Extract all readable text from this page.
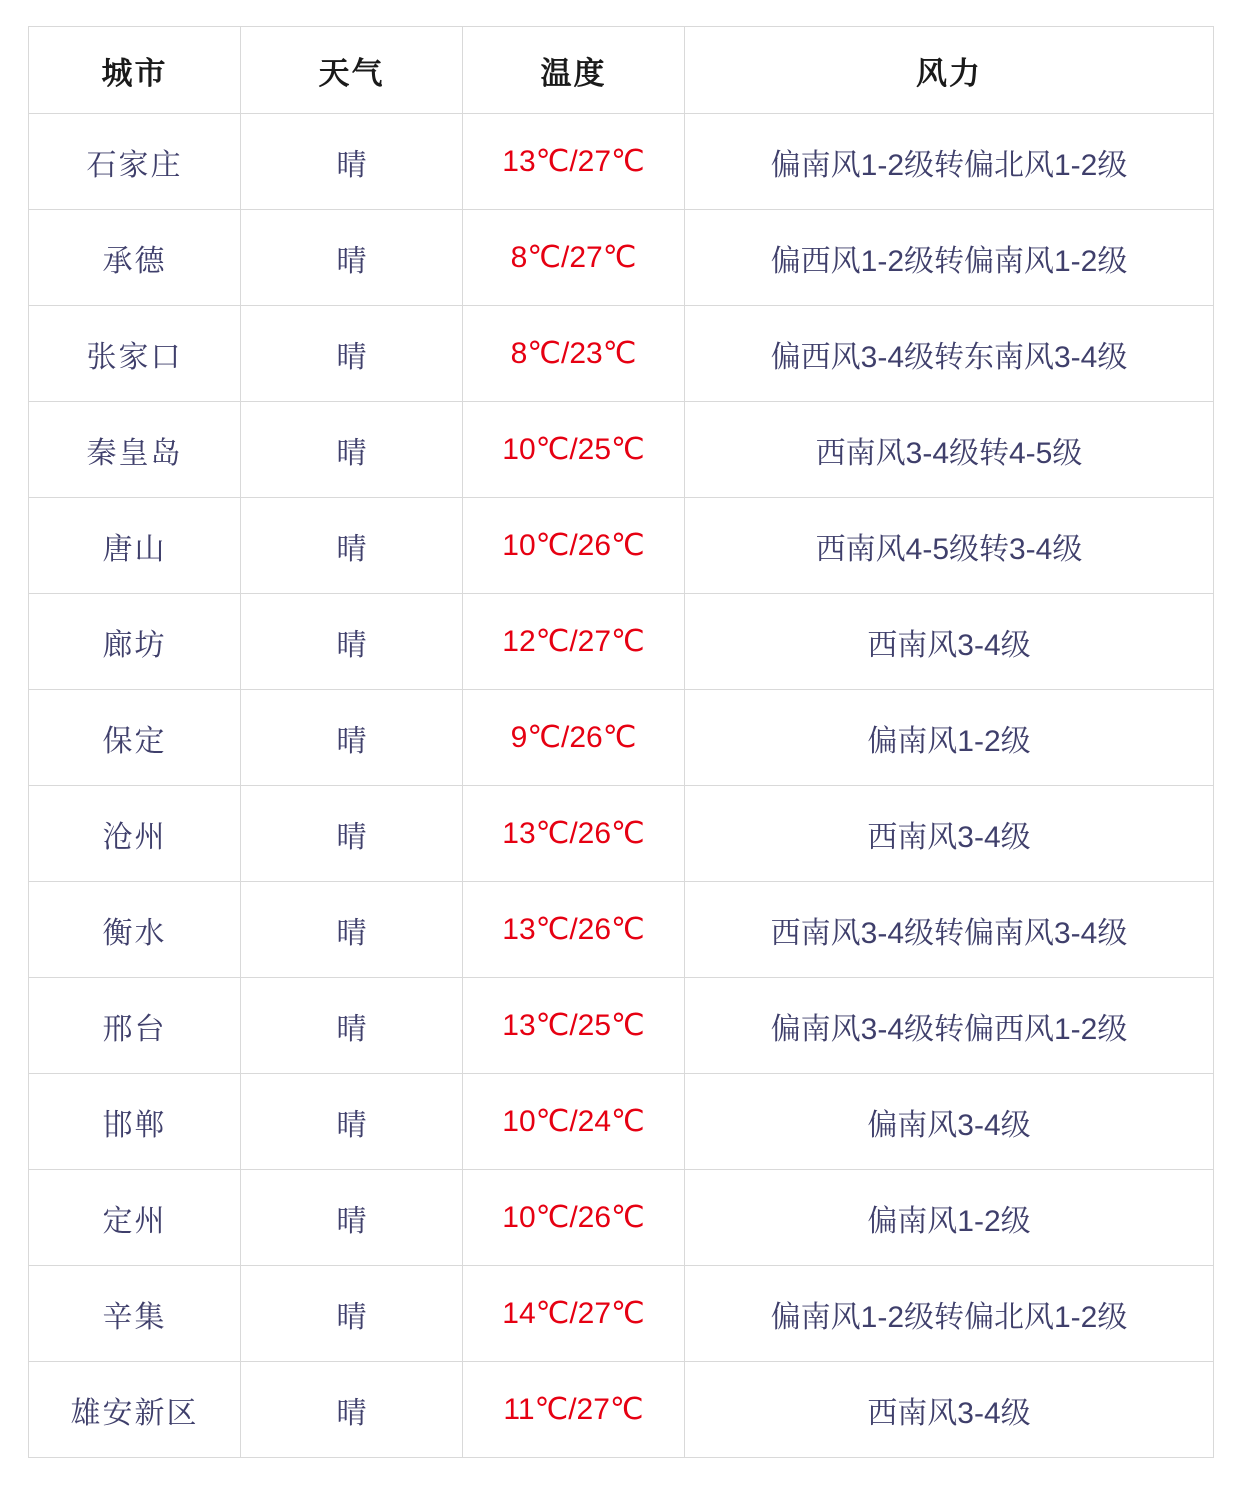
城市	天气	温度	风力
石家庄	晴	13℃/27℃	偏南风1-2级转偏北风1-2级
承德	晴	8℃/27℃	偏西风1-2级转偏南风1-2级
张家口	晴	8℃/23℃	偏西风3-4级转东南风3-4级
秦皇岛	晴	10℃/25℃	西南风3-4级转4-5级
唐山	晴	10℃/26℃	西南风4-5级转3-4级
廊坊	晴	12℃/27℃	西南风3-4级
保定	晴	9℃/26℃	偏南风1-2级
沧州	晴	13℃/26℃	西南风3-4级
衡水	晴	13℃/26℃	西南风3-4级转偏南风3-4级
邢台	晴	13℃/25℃	偏南风3-4级转偏西风1-2级
邯郸	晴	10℃/24℃	偏南风3-4级
定州	晴	10℃/26℃	偏南风1-2级
辛集	晴	14℃/27℃	偏南风1-2级转偏北风1-2级
雄安新区	晴	11℃/27℃	西南风3-4级
